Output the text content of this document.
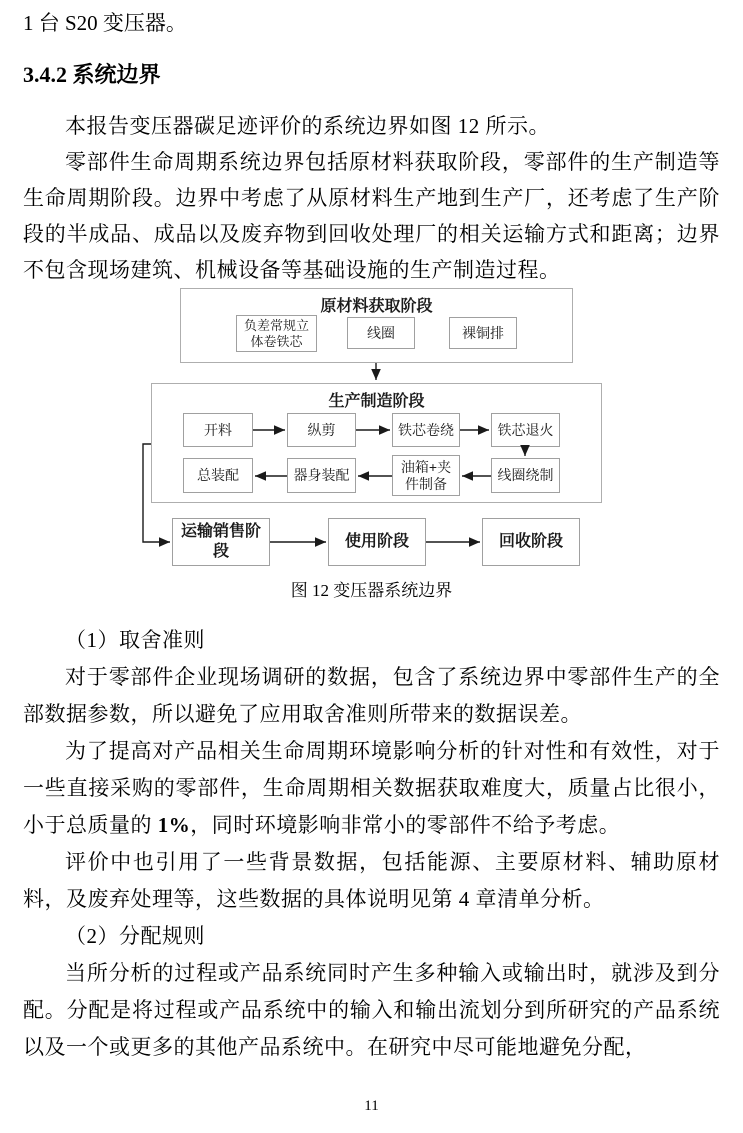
1 台 S20 变压器。
3.4.2 系统边界

本报告变压器碳足迹评价的系统边界如图 12 所示。

零部件生命周期系统边界包括原材料获取阶段，零部件的生产制造等生命周期阶段。边界中考虑了从原材料生产地到生产厂，还考虑了生产阶段的半成品、成品以及废弃物到回收处理厂的相关运输方式和距离；边界不包含现场建筑、机械设备等基础设施的生产制造过程。

原材料获取阶段
负差常规立体卷铁芯
线圈	裸铜排
生产制造阶段
开料	纵剪	铁芯卷绕	铁芯退火
总装配	器身装配
油箱+夹件制备
线圈绕制
运输销售阶段
使用阶段	回收阶段
图 12 变压器系统边界

（1）取舍准则

对于零部件企业现场调研的数据，包含了系统边界中零部件生产的全部数据参数，所以避免了应用取舍准则所带来的数据误差。

为了提高对产品相关生命周期环境影响分析的针对性和有效性，对于一些直接采购的零部件，生命周期相关数据获取难度大，质量占比很小，小于总质量的 1%，同时环境影响非常小的零部件不给予考虑。

评价中也引用了一些背景数据，包括能源、主要原材料、辅助原材料，及废弃处理等，这些数据的具体说明见第 4 章清单分析。

（2）分配规则

当所分析的过程或产品系统同时产生多种输入或输出时，就涉及到分配。分配是将过程或产品系统中的输入和输出流划分到所研究的产品系统以及一个或更多的其他产品系统中。在研究中尽可能地避免分配，

11
